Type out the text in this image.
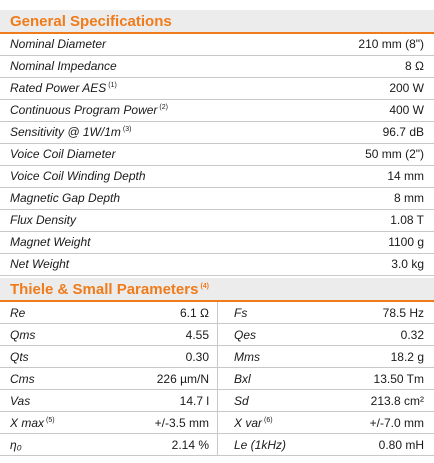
General Specifications
Nominal Diameter	210 mm (8")
Nominal Impedance	8 Ω
Rated Power AES $^{(1)}$	200 W
Continuous Program Power $^{(2)}$	400 W
Sensitivity @ 1W/1m $^{(3)}$	96.7 dB
Voice Coil Diameter	50 mm (2")
Voice Coil Winding Depth	14 mm
Magnetic Gap Depth	8 mm
Flux Density	1.08 T
Magnet Weight	1100 g
Net Weight	3.0 kg
Thiele & Small Parameters $^{(4)}$
Re	6.1 Ω Fs	78.5 Hz
Qms	4.55 Qes	0.32
Qts	0.30 Mms	18.2 g
Cms	226 µm/N Bxl	13.50 Tm
Vas	14.7 l Sd	213.8 cm²
X max $^{(5)}$	+/-3.5 mm X var $^{(6)}$	+/-7.0 mm
η₀	2.14 % Le (1kHz)	0.80 mH
